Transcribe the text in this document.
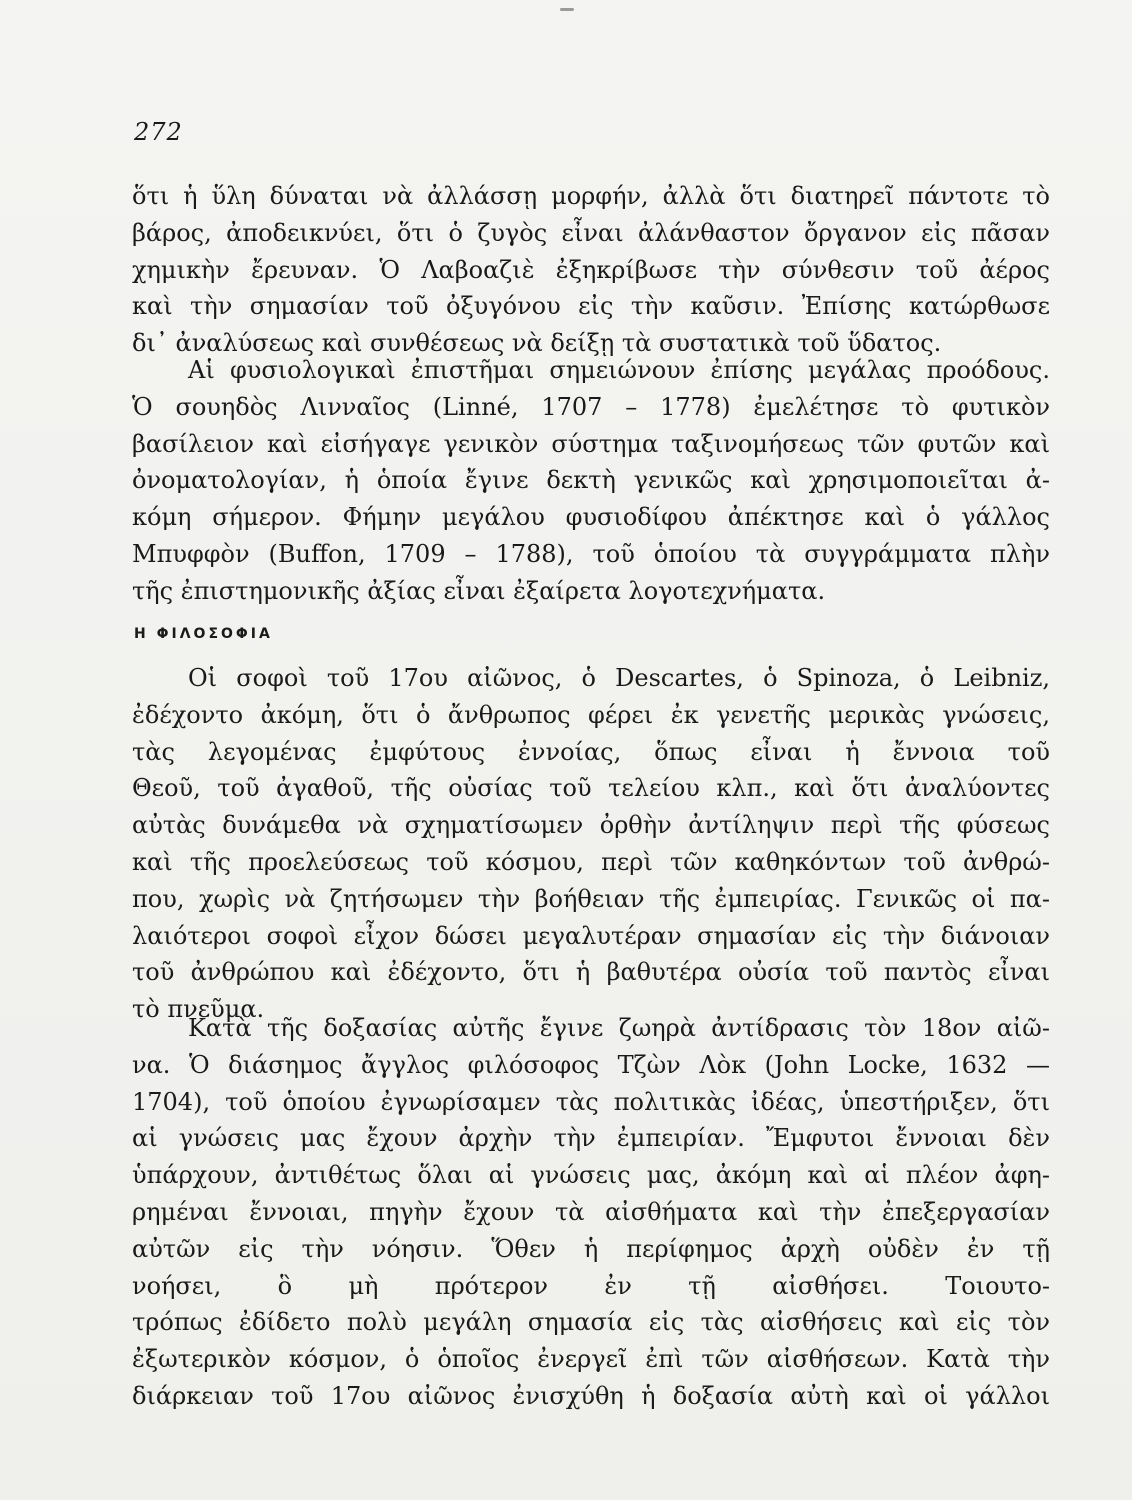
272
ὅτι ἡ ὕλη δύναται νὰ ἀλλάσσῃ μορφήν, ἀλλὰ ὅτι διατηρεῖ πάντοτε τὸ
βάρος, ἀποδεικνύει, ὅτι ὁ ζυγὸς εἶναι ἀλάνθαστον ὄργανον εἰς πᾶσαν
χημικὴν ἔρευναν. Ὁ Λαβοαζιὲ ἐξηκρίβωσε τὴν σύνθεσιν τοῦ ἀέρος
καὶ τὴν σημασίαν τοῦ ὀξυγόνου εἰς τὴν καῦσιν. Ἐπίσης κατώρθωσε
δι᾿ ἀναλύσεως καὶ συνθέσεως νὰ δείξῃ τὰ συστατικὰ τοῦ ὕδατος.
Αἱ φυσιολογικαὶ ἐπιστῆμαι σημειώνουν ἐπίσης μεγάλας προόδους.
Ὁ σουηδὸς Λινναῖος (Linné, 1707 – 1778) ἐμελέτησε τὸ φυτικὸν
βασίλειον καὶ εἰσήγαγε γενικὸν σύστημα ταξινομήσεως τῶν φυτῶν καὶ
ὀνοματολογίαν, ἡ ὁποία ἔγινε δεκτὴ γενικῶς καὶ χρησιμοποιεῖται ἀ-
κόμη σήμερον. Φήμην μεγάλου φυσιοδίφου ἀπέκτησε καὶ ὁ γάλλος
Μπυφφὸν (Buffon, 1709 – 1788), τοῦ ὁποίου τὰ συγγράμματα πλὴν
τῆς ἐπιστημονικῆς ἀξίας εἶναι ἐξαίρετα λογοτεχνήματα.
Η ΦΙΛΟΣΟΦΙΑ
Οἱ σοφοὶ τοῦ 17ου αἰῶνος, ὁ Descartes, ὁ Spinoza, ὁ Leibniz,
ἐδέχοντο ἀκόμη, ὅτι ὁ ἄνθρωπος φέρει ἐκ γενετῆς μερικὰς γνώσεις,
τὰς λεγομένας ἐμφύτους ἐννοίας, ὅπως εἶναι ἡ ἔννοια τοῦ
Θεοῦ, τοῦ ἀγαθοῦ, τῆς οὐσίας τοῦ τελείου κλπ., καὶ ὅτι ἀναλύοντες
αὐτὰς δυνάμεθα νὰ σχηματίσωμεν ὀρθὴν ἀντίληψιν περὶ τῆς φύσεως
καὶ τῆς προελεύσεως τοῦ κόσμου, περὶ τῶν καθηκόντων τοῦ ἀνθρώ-
που, χωρὶς νὰ ζητήσωμεν τὴν βοήθειαν τῆς ἐμπειρίας. Γενικῶς οἱ πα-
λαιότεροι σοφοὶ εἶχον δώσει μεγαλυτέραν σημασίαν εἰς τὴν διάνοιαν
τοῦ ἀνθρώπου καὶ ἐδέχοντο, ὅτι ἡ βαθυτέρα οὐσία τοῦ παντὸς εἶναι
τὸ πνεῦμα.
Κατὰ τῆς δοξασίας αὐτῆς ἔγινε ζωηρὰ ἀντίδρασις τὸν 18ον αἰῶ-
να. Ὁ διάσημος ἄγγλος φιλόσοφος Τζὼν Λὸκ (John Locke, 1632 —
1704), τοῦ ὁποίου ἐγνωρίσαμεν τὰς πολιτικὰς ἰδέας, ὑπεστήριξεν, ὅτι
αἱ γνώσεις μας ἔχουν ἀρχὴν τὴν ἐμπειρίαν. Ἔμφυτοι ἔννοιαι δὲν
ὑπάρχουν, ἀντιθέτως ὅλαι αἱ γνώσεις μας, ἀκόμη καὶ αἱ πλέον ἀφη-
ρημέναι ἔννοιαι, πηγὴν ἔχουν τὰ αἰσθήματα καὶ τὴν ἐπεξεργασίαν
αὐτῶν εἰς τὴν νόησιν. Ὅθεν ἡ περίφημος ἀρχὴ οὐδὲν ἐν τῇ
νοήσει, ὃ μὴ πρότερον ἐν τῇ αἰσθήσει. Τοιουτο-
τρόπως ἐδίδετο πολὺ μεγάλη σημασία εἰς τὰς αἰσθήσεις καὶ εἰς τὸν
ἐξωτερικὸν κόσμον, ὁ ὁποῖος ἐνεργεῖ ἐπὶ τῶν αἰσθήσεων. Κατὰ τὴν
διάρκειαν τοῦ 17ου αἰῶνος ἐνισχύθη ἡ δοξασία αὐτὴ καὶ οἱ γάλλοι
